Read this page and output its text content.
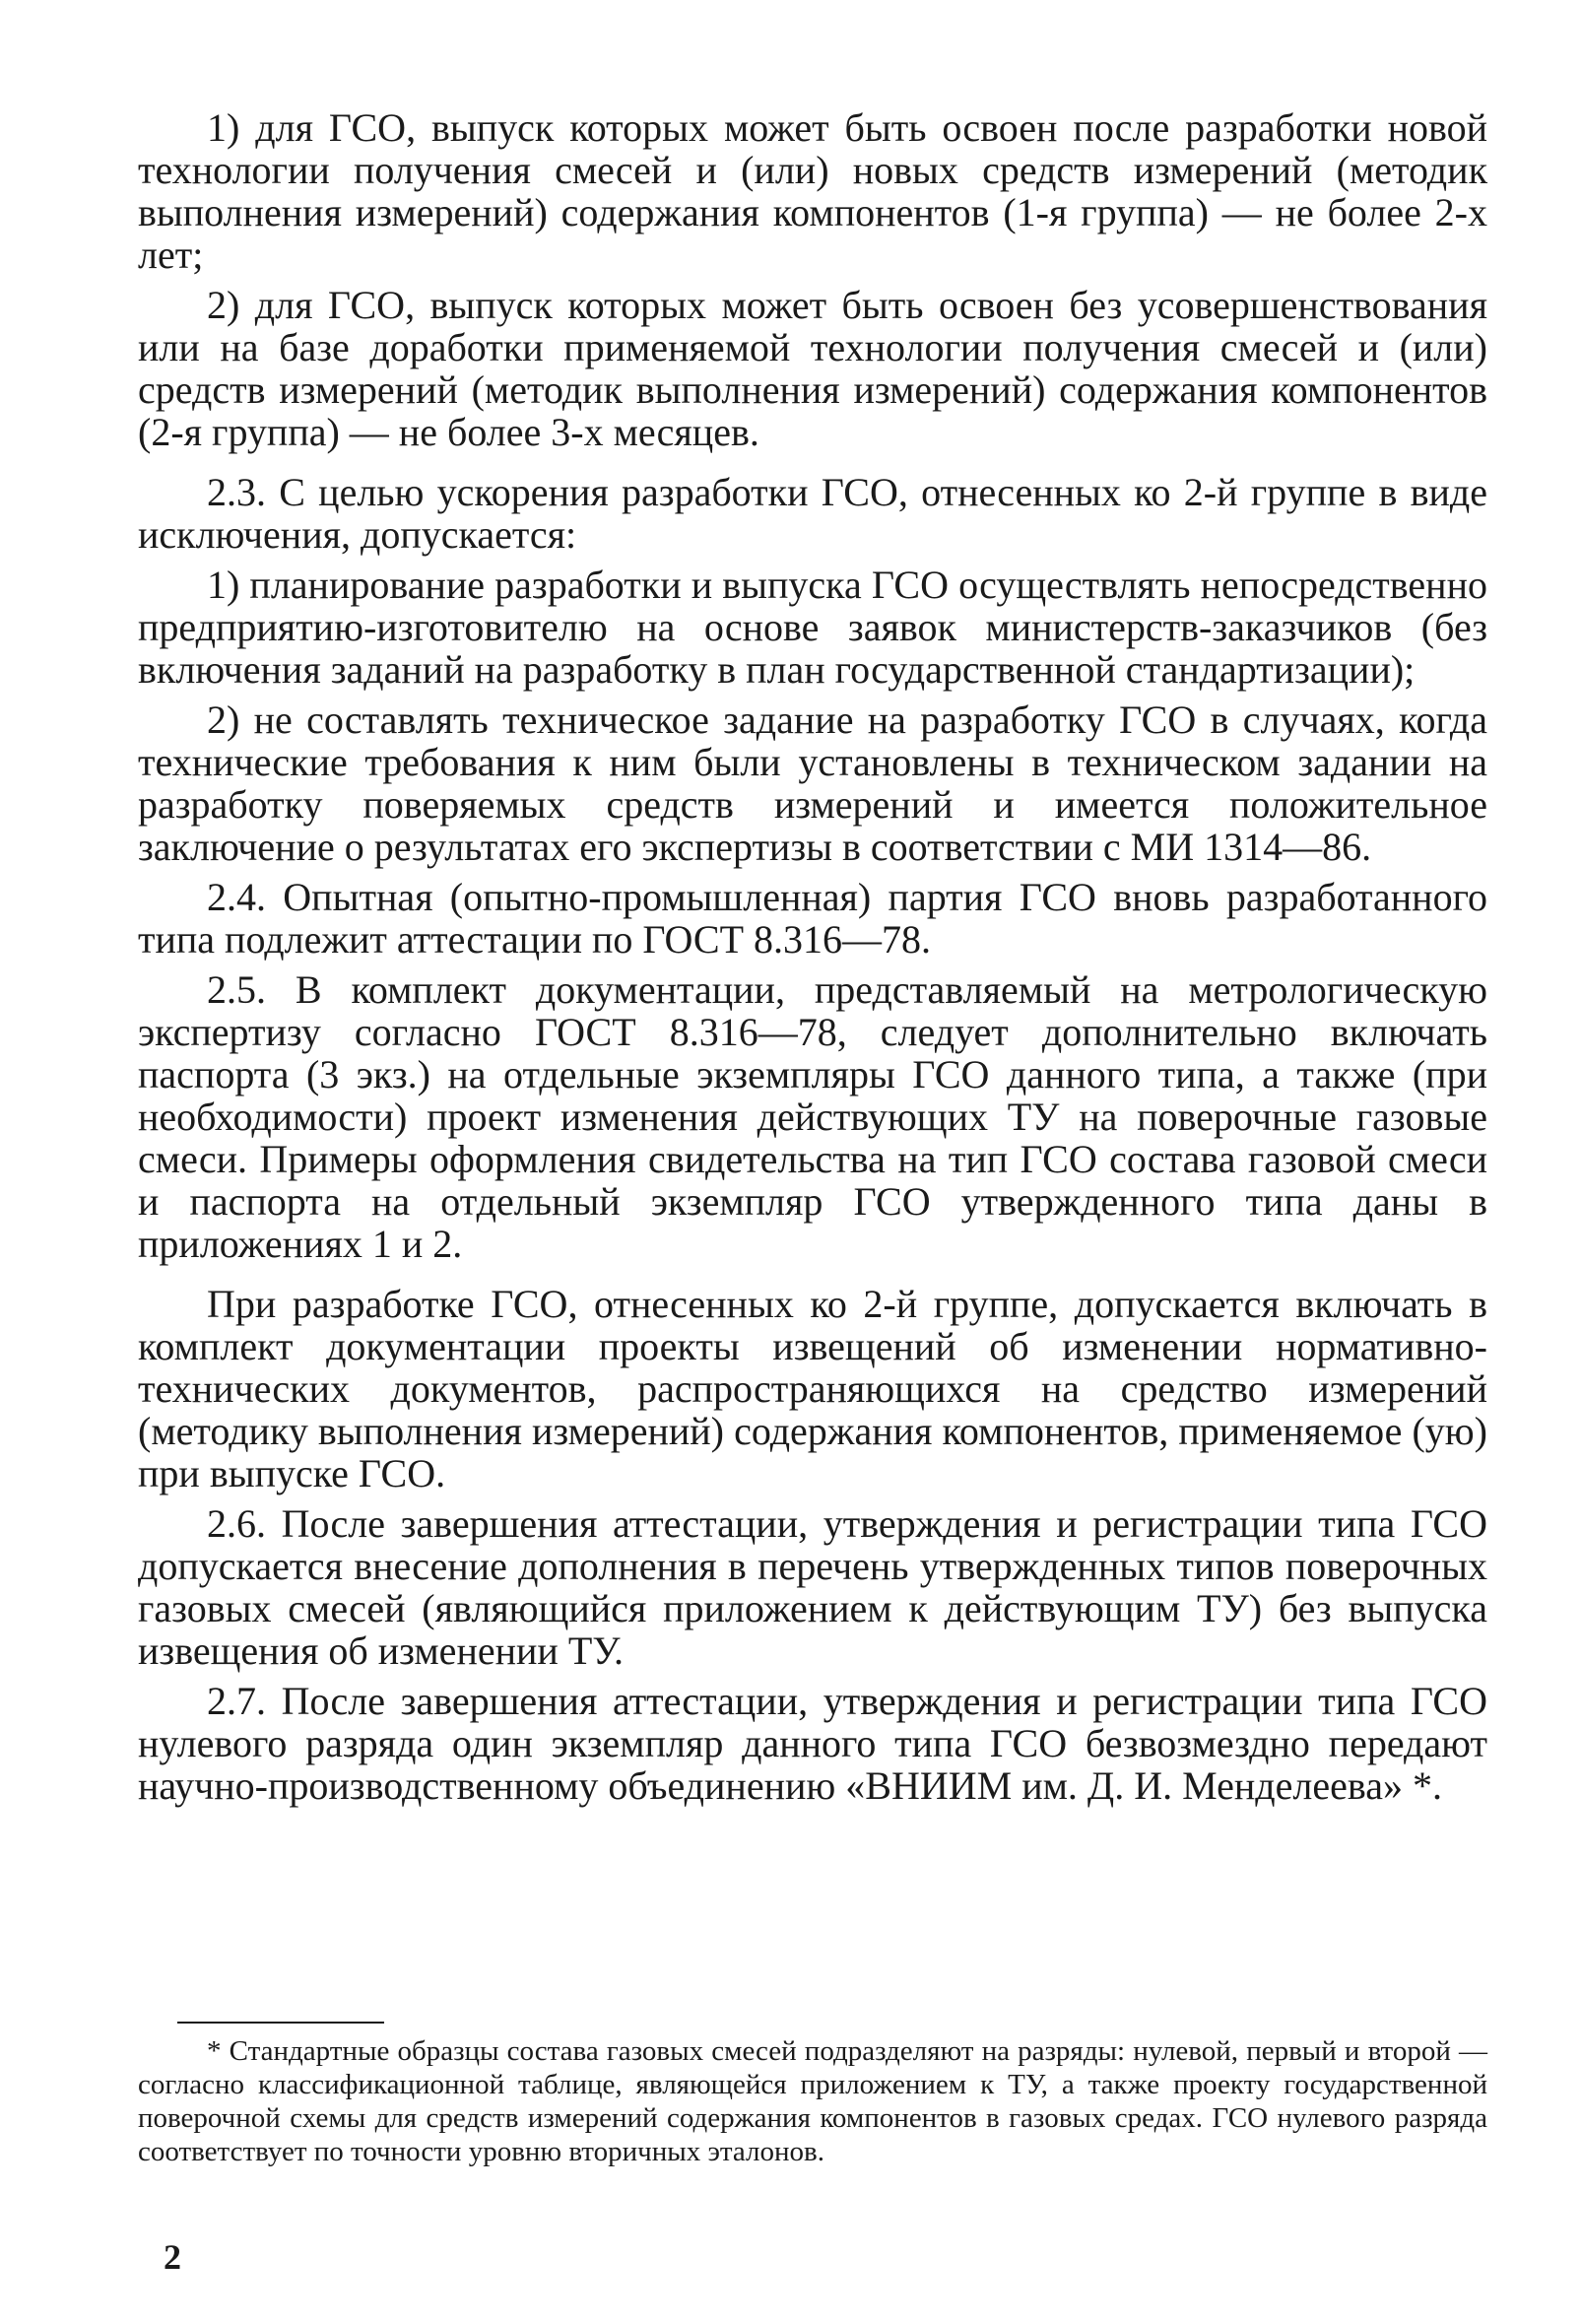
1) для ГСО, выпуск которых может быть освоен после разработки новой технологии получения смесей и (или) новых средств измерений (методик выполнения измерений) содержания компонентов (1-я группа) — не более 2-х лет;

2) для ГСО, выпуск которых может быть освоен без усовершенствования или на базе доработки применяемой технологии получения смесей и (или) средств измерений (методик выполнения измерений) содержания компонентов (2-я группа) — не более 3-х месяцев.

2.3. С целью ускорения разработки ГСО, отнесенных ко 2-й группе в виде исключения, допускается:

1) планирование разработки и выпуска ГСО осуществлять непосредственно предприятию-изготовителю на основе заявок министерств-заказчиков (без включения заданий на разработку в план государственной стандартизации);

2) не составлять техническое задание на разработку ГСО в случаях, когда технические требования к ним были установлены в техническом задании на разработку поверяемых средств измерений и имеется положительное заключение о результатах его экспертизы в соответствии с МИ 1314—86.

2.4. Опытная (опытно-промышленная) партия ГСО вновь разработанного типа подлежит аттестации по ГОСТ 8.316—78.

2.5. В комплект документации, представляемый на метрологическую экспертизу согласно ГОСТ 8.316—78, следует дополнительно включать паспорта (3 экз.) на отдельные экземпляры ГСО данного типа, а также (при необходимости) проект изменения действующих ТУ на поверочные газовые смеси. Примеры оформления свидетельства на тип ГСО состава газовой смеси и паспорта на отдельный экземпляр ГСО утвержденного типа даны в приложениях 1 и 2.

При разработке ГСО, отнесенных ко 2-й группе, допускается включать в комплект документации проекты извещений об изменении нормативно-технических документов, распространяющихся на средство измерений (методику выполнения измерений) содержания компонентов, применяемое (ую) при выпуске ГСО.

2.6. После завершения аттестации, утверждения и регистрации типа ГСО допускается внесение дополнения в перечень утвержденных типов поверочных газовых смесей (являющийся приложением к действующим ТУ) без выпуска извещения об изменении ТУ.

2.7. После завершения аттестации, утверждения и регистрации типа ГСО нулевого разряда один экземпляр данного типа ГСО безвозмездно передают научно-производственному объединению «ВНИИМ им. Д. И. Менделеева» *.

* Стандартные образцы состава газовых смесей подразделяют на разряды: нулевой, первый и второй — согласно классификационной таблице, являющейся приложением к ТУ, а также проекту государственной поверочной схемы для средств измерений содержания компонентов в газовых средах. ГСО нулевого разряда соответствует по точности уровню вторичных эталонов.

2
